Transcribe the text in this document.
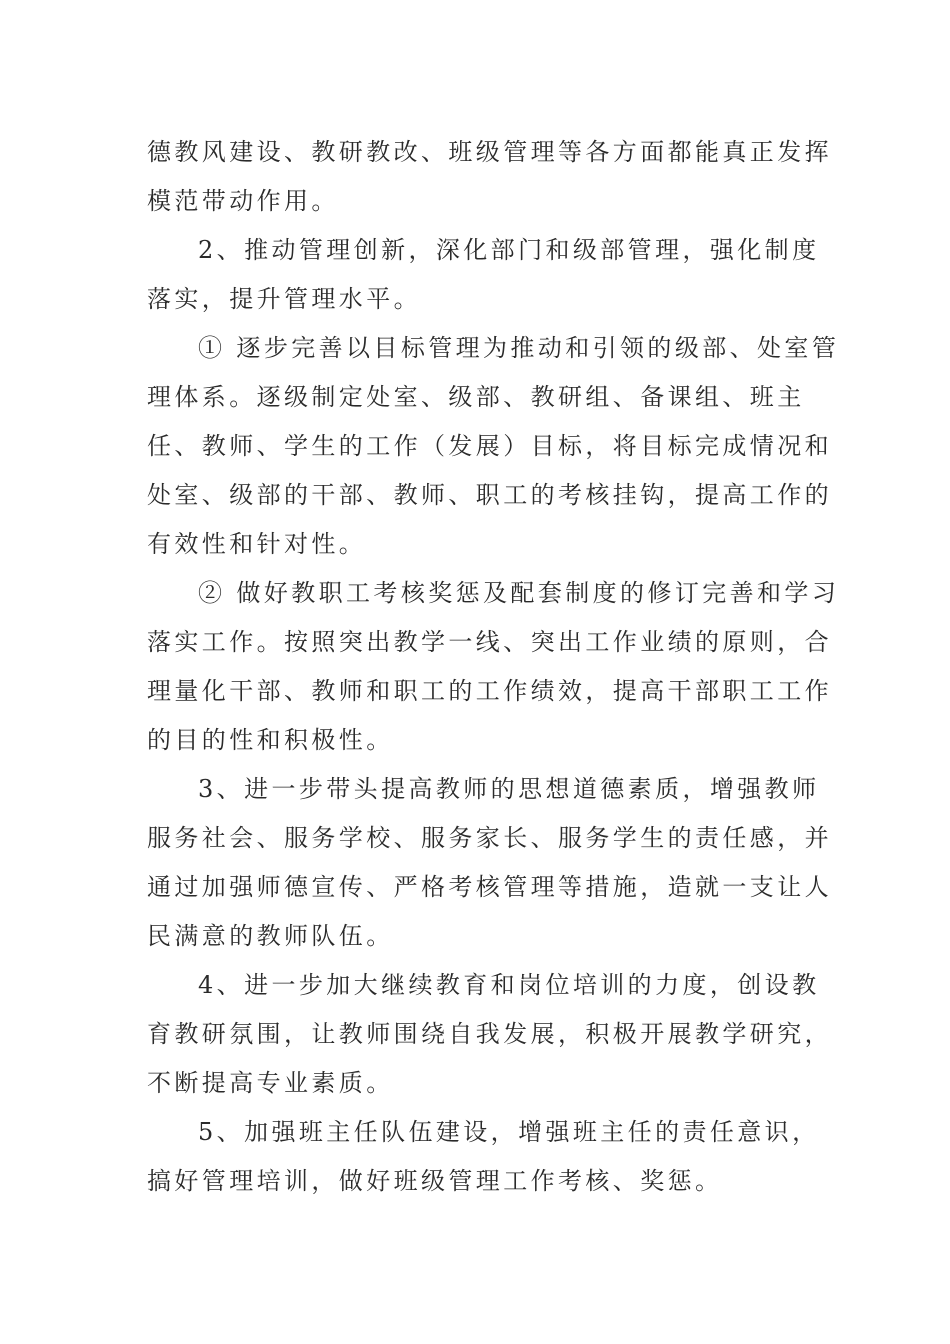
德教风建设、教研教改、班级管理等各方面都能真正发挥
模范带动作用。
2、推动管理创新，深化部门和级部管理，强化制度
落实，提升管理水平。
① 逐步完善以目标管理为推动和引领的级部、处室管
理体系。逐级制定处室、级部、教研组、备课组、班主
任、教师、学生的工作（发展）目标，将目标完成情况和
处室、级部的干部、教师、职工的考核挂钩，提高工作的
有效性和针对性。
② 做好教职工考核奖惩及配套制度的修订完善和学习
落实工作。按照突出教学一线、突出工作业绩的原则，合
理量化干部、教师和职工的工作绩效，提高干部职工工作
的目的性和积极性。
3、进一步带头提高教师的思想道德素质，增强教师
服务社会、服务学校、服务家长、服务学生的责任感，并
通过加强师德宣传、严格考核管理等措施，造就一支让人
民满意的教师队伍。
4、进一步加大继续教育和岗位培训的力度，创设教
育教研氛围，让教师围绕自我发展，积极开展教学研究，
不断提高专业素质。
5、加强班主任队伍建设，增强班主任的责任意识，
搞好管理培训，做好班级管理工作考核、奖惩。
